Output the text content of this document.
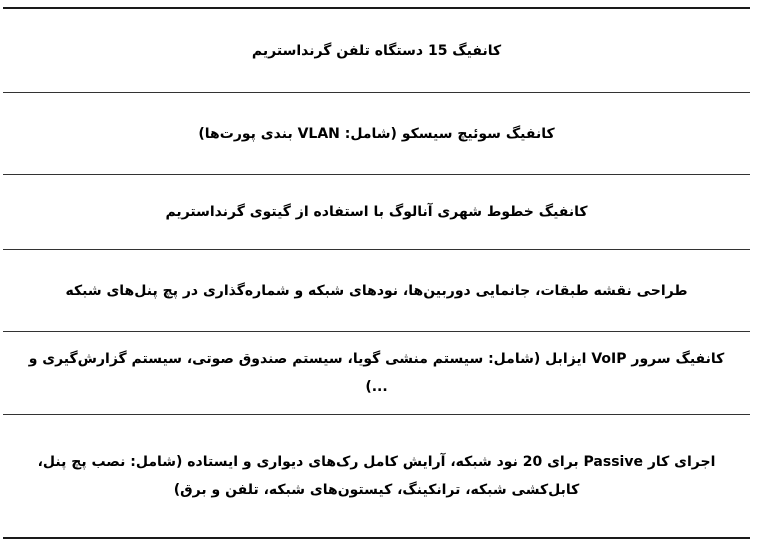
کانفیگ 15 دستگاه تلفن گرنداستریم
کانفیگ سوئیچ سیسکو (شامل: VLAN بندی پورت‌ها)
کانفیگ خطوط شهری آنالوگ با استفاده از گیتوی گرنداستریم
طراحی نقشه طبقات، جانمایی دوربین‌ها، نودهای شبکه و شماره‌گذاری در پچ پنل‌های شبکه
کانفیگ سرور VoIP ایزابل (شامل: سیستم منشی گویا، سیستم صندوق صوتی، سیستم گزارش‌گیری و ...)
اجرای کار Passive برای 20 نود شبکه، آرایش کامل رک‌های دیواری و ایستاده (شامل: نصب پچ پنل، کابل‌کشی شبکه، ترانکینگ، کیستون‌های شبکه، تلفن و برق)
